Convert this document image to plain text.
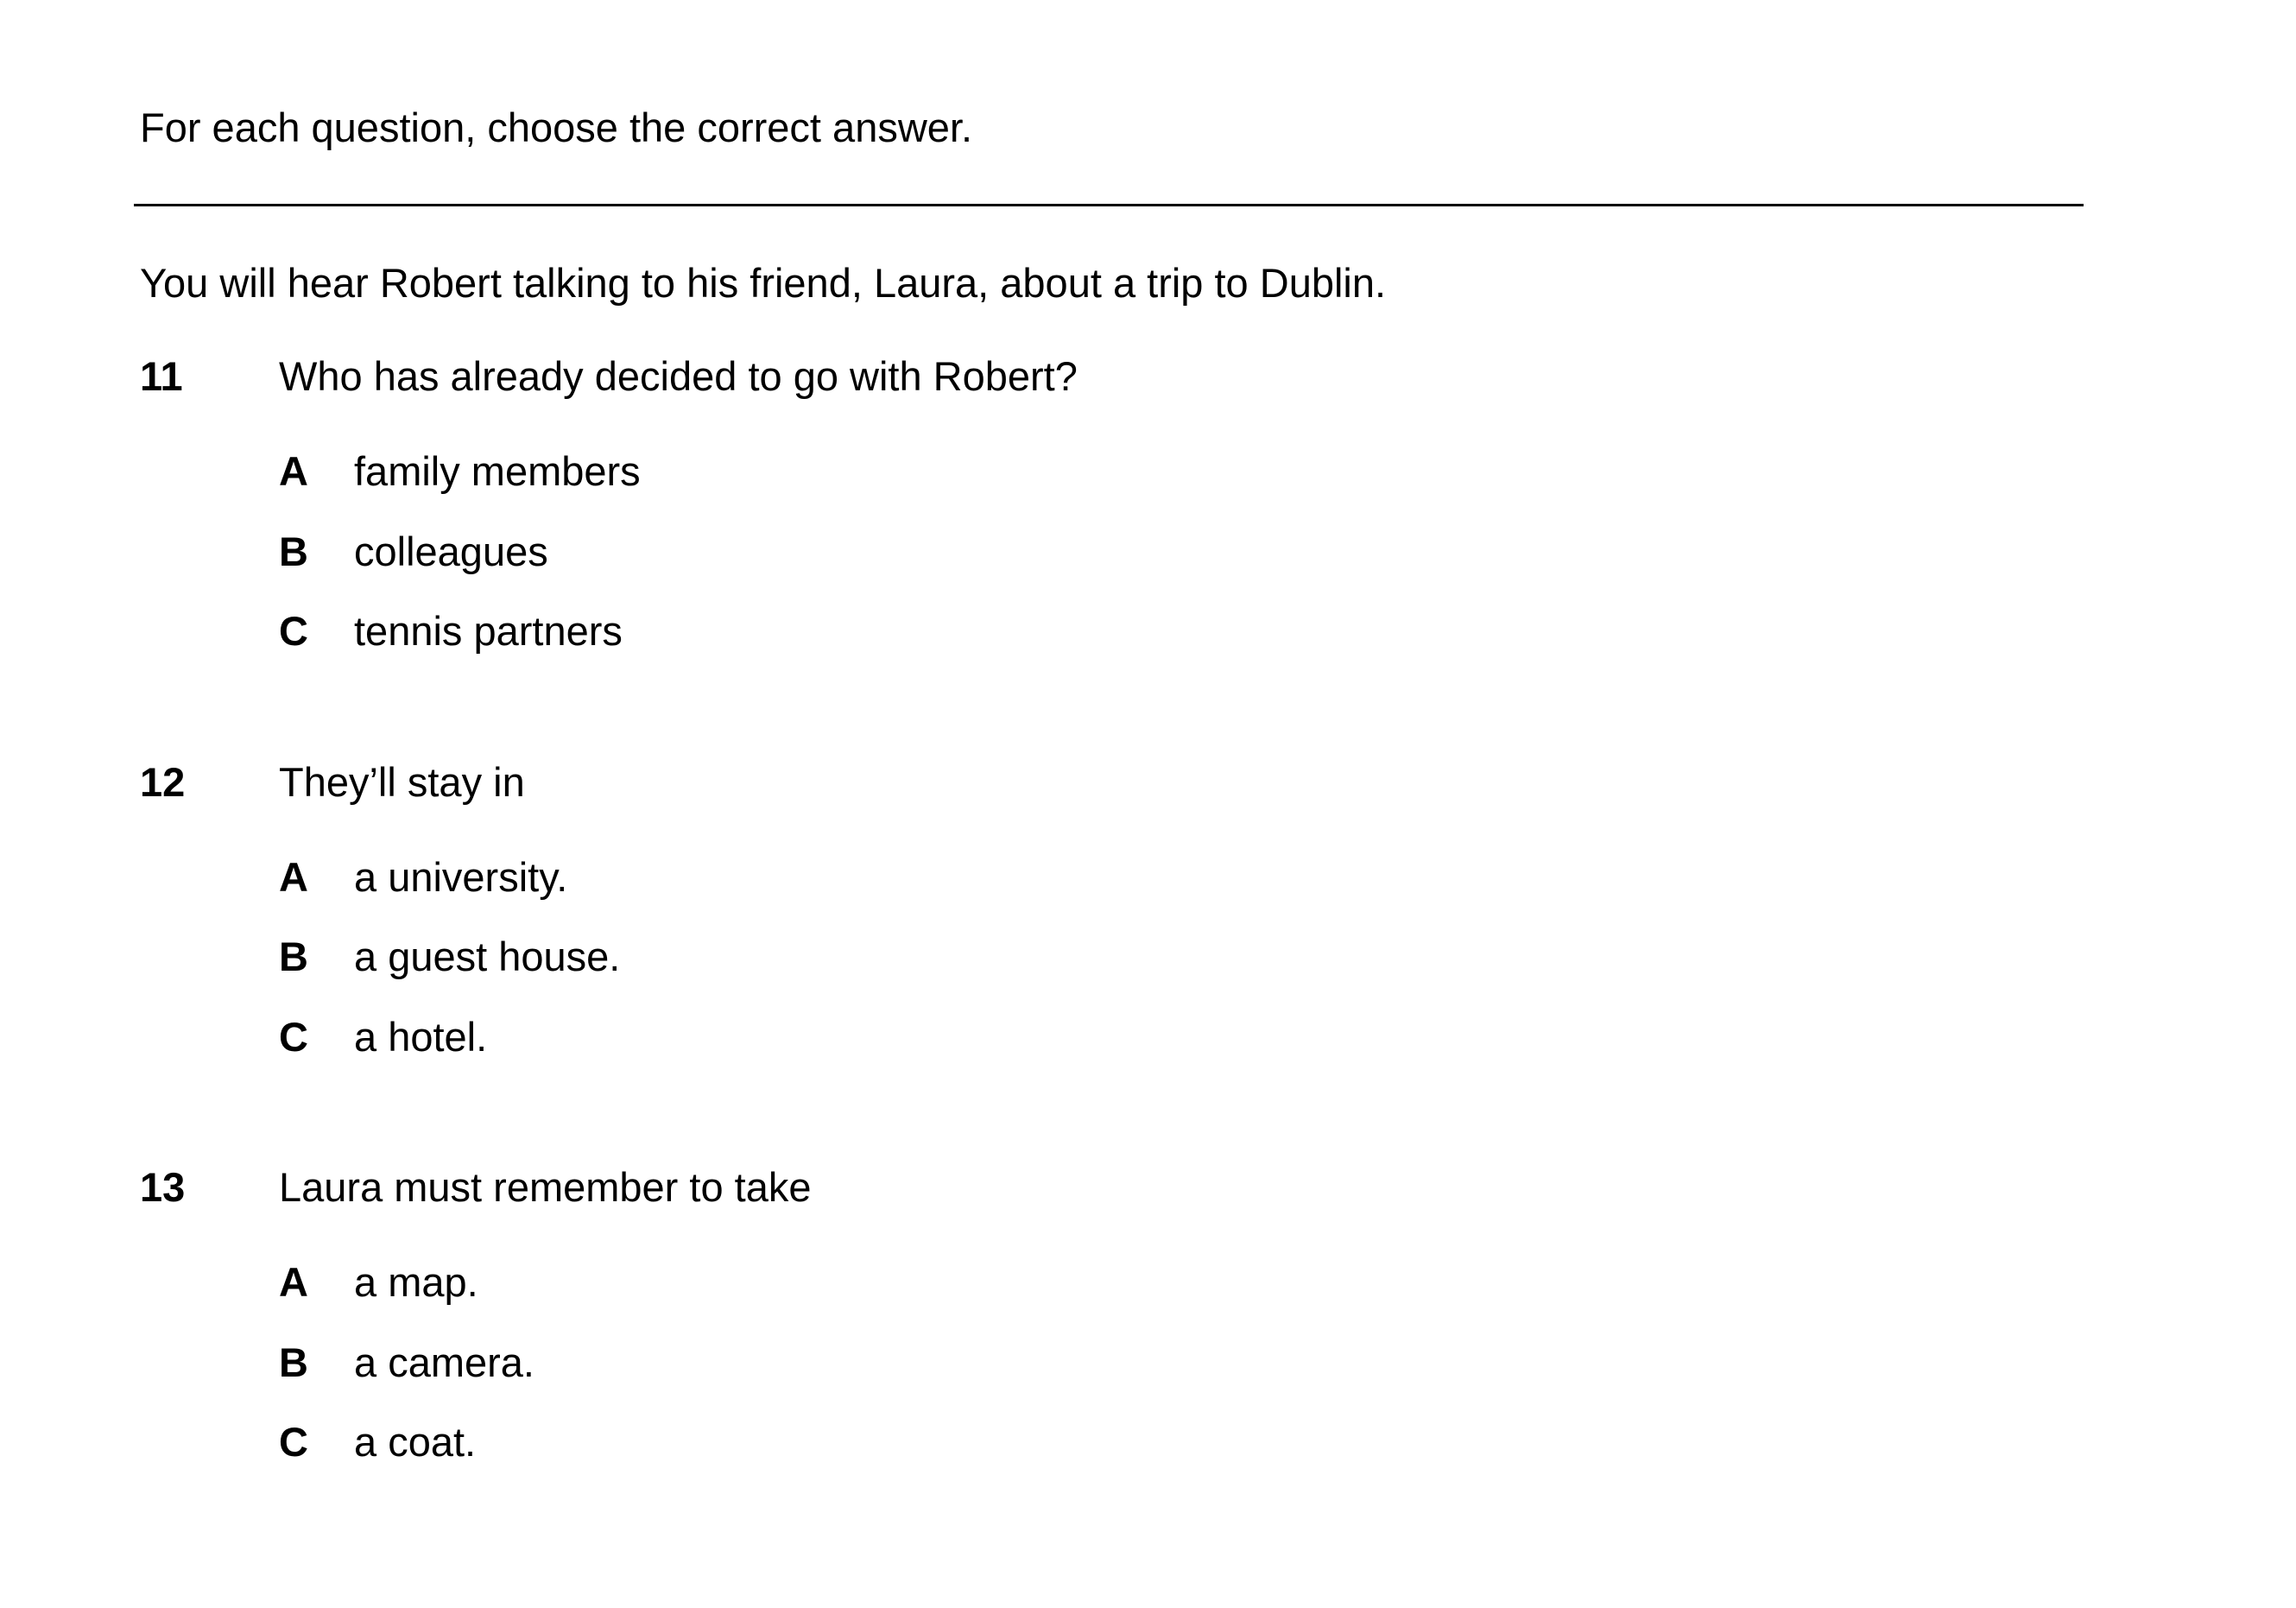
For each question, choose the correct answer.
You will hear Robert talking to his friend, Laura, about a trip to Dublin.
11 Who has already decided to go with Robert?
A family members
B colleagues
C tennis partners
12 They’ll stay in
A a university.
B a guest house.
C a hotel.
13 Laura must remember to take
A a map.
B a camera.
C a coat.
